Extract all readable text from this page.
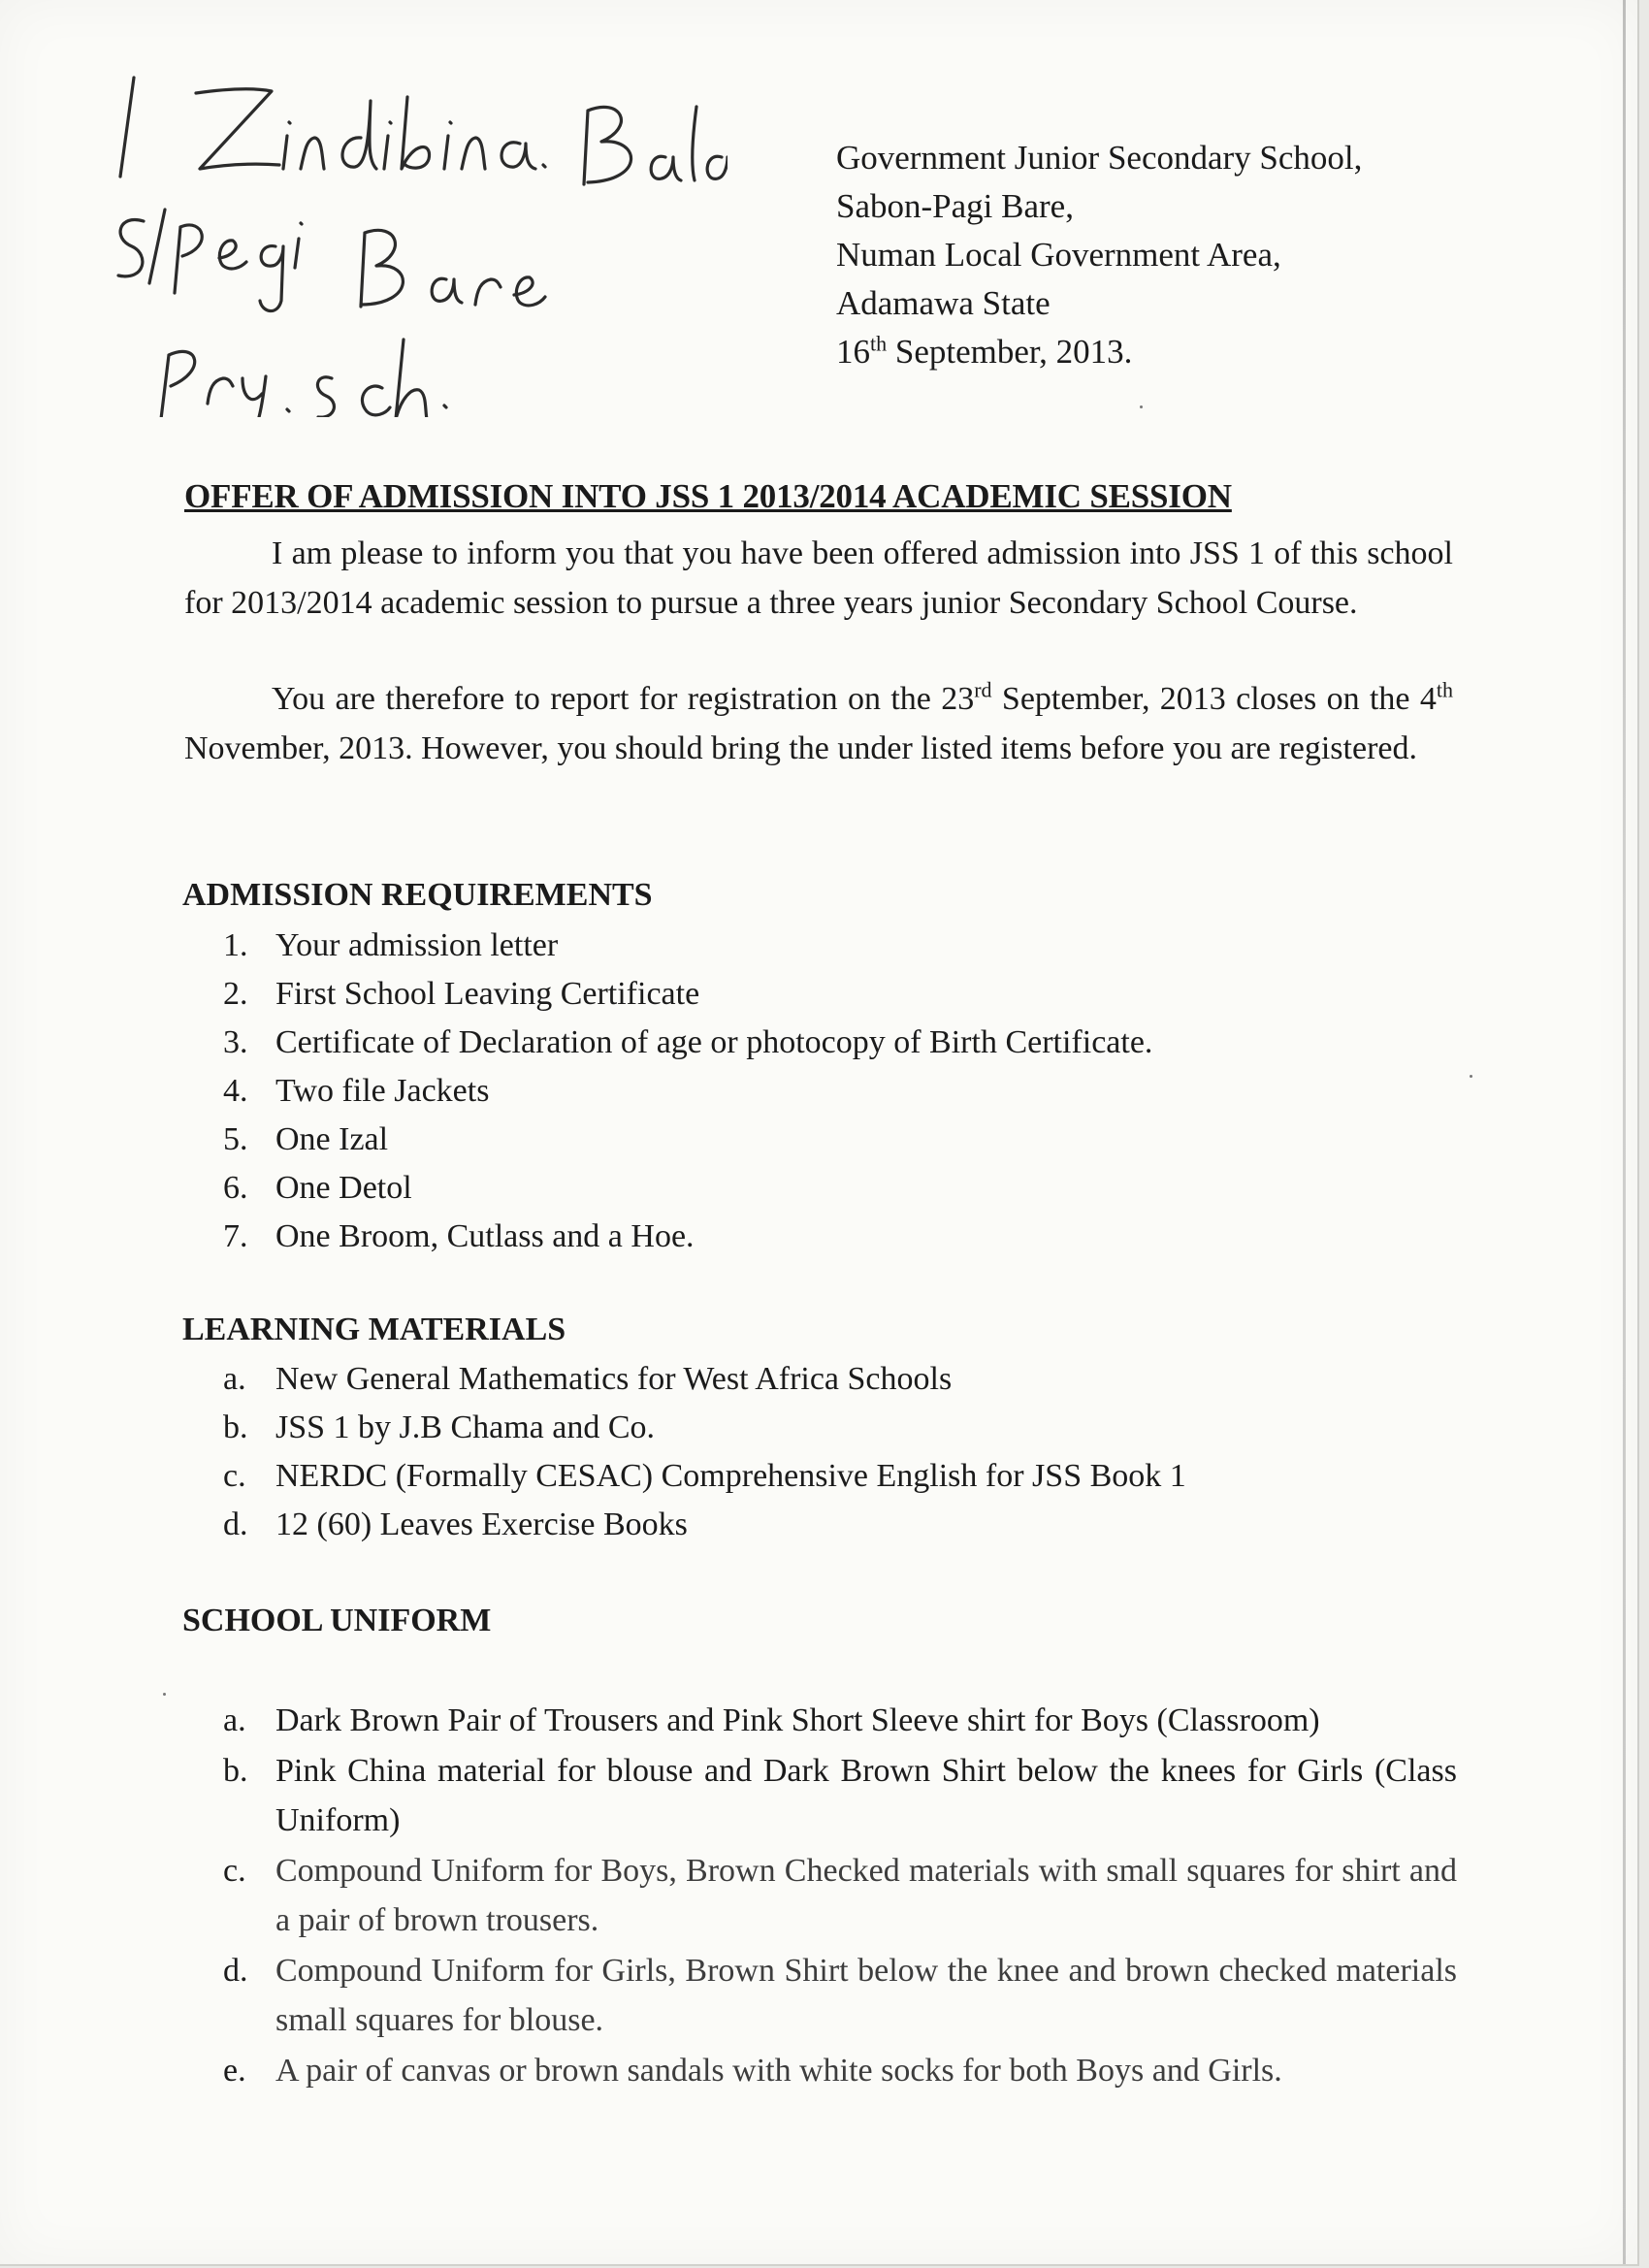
Government Junior Secondary School,
Sabon-Pagi Bare,
Numan Local Government Area,
Adamawa State
16th September, 2013.
OFFER OF ADMISSION INTO JSS 1 2013/2014 ACADEMIC SESSION
I am please to inform you that you have been offered admission into JSS 1 of this school for 2013/2014 academic session to pursue a three years junior Secondary School Course.
You are therefore to report for registration on the 23rd September, 2013 closes on the 4th November, 2013. However, you should bring the under listed items before you are registered.
ADMISSION REQUIREMENTS
1. Your admission letter
2. First School Leaving Certificate
3. Certificate of Declaration of age or photocopy of Birth Certificate.
4. Two file Jackets
5. One Izal
6. One Detol
7. One Broom, Cutlass and a Hoe.
LEARNING MATERIALS
a. New General Mathematics for West Africa Schools
b. JSS 1 by J.B Chama and Co.
c. NERDC (Formally CESAC) Comprehensive English for JSS Book 1
d. 12 (60) Leaves Exercise Books
SCHOOL UNIFORM
a. Dark Brown Pair of Trousers and Pink Short Sleeve shirt for Boys (Classroom)
b. Pink China material for blouse and Dark Brown Shirt below the knees for Girls (Class Uniform)
c. Compound Uniform for Boys, Brown Checked materials with small squares for shirt and a pair of brown trousers.
d. Compound Uniform for Girls, Brown Shirt below the knee and brown checked materials small squares for blouse.
e. A pair of canvas or brown sandals with white socks for both Boys and Girls.
